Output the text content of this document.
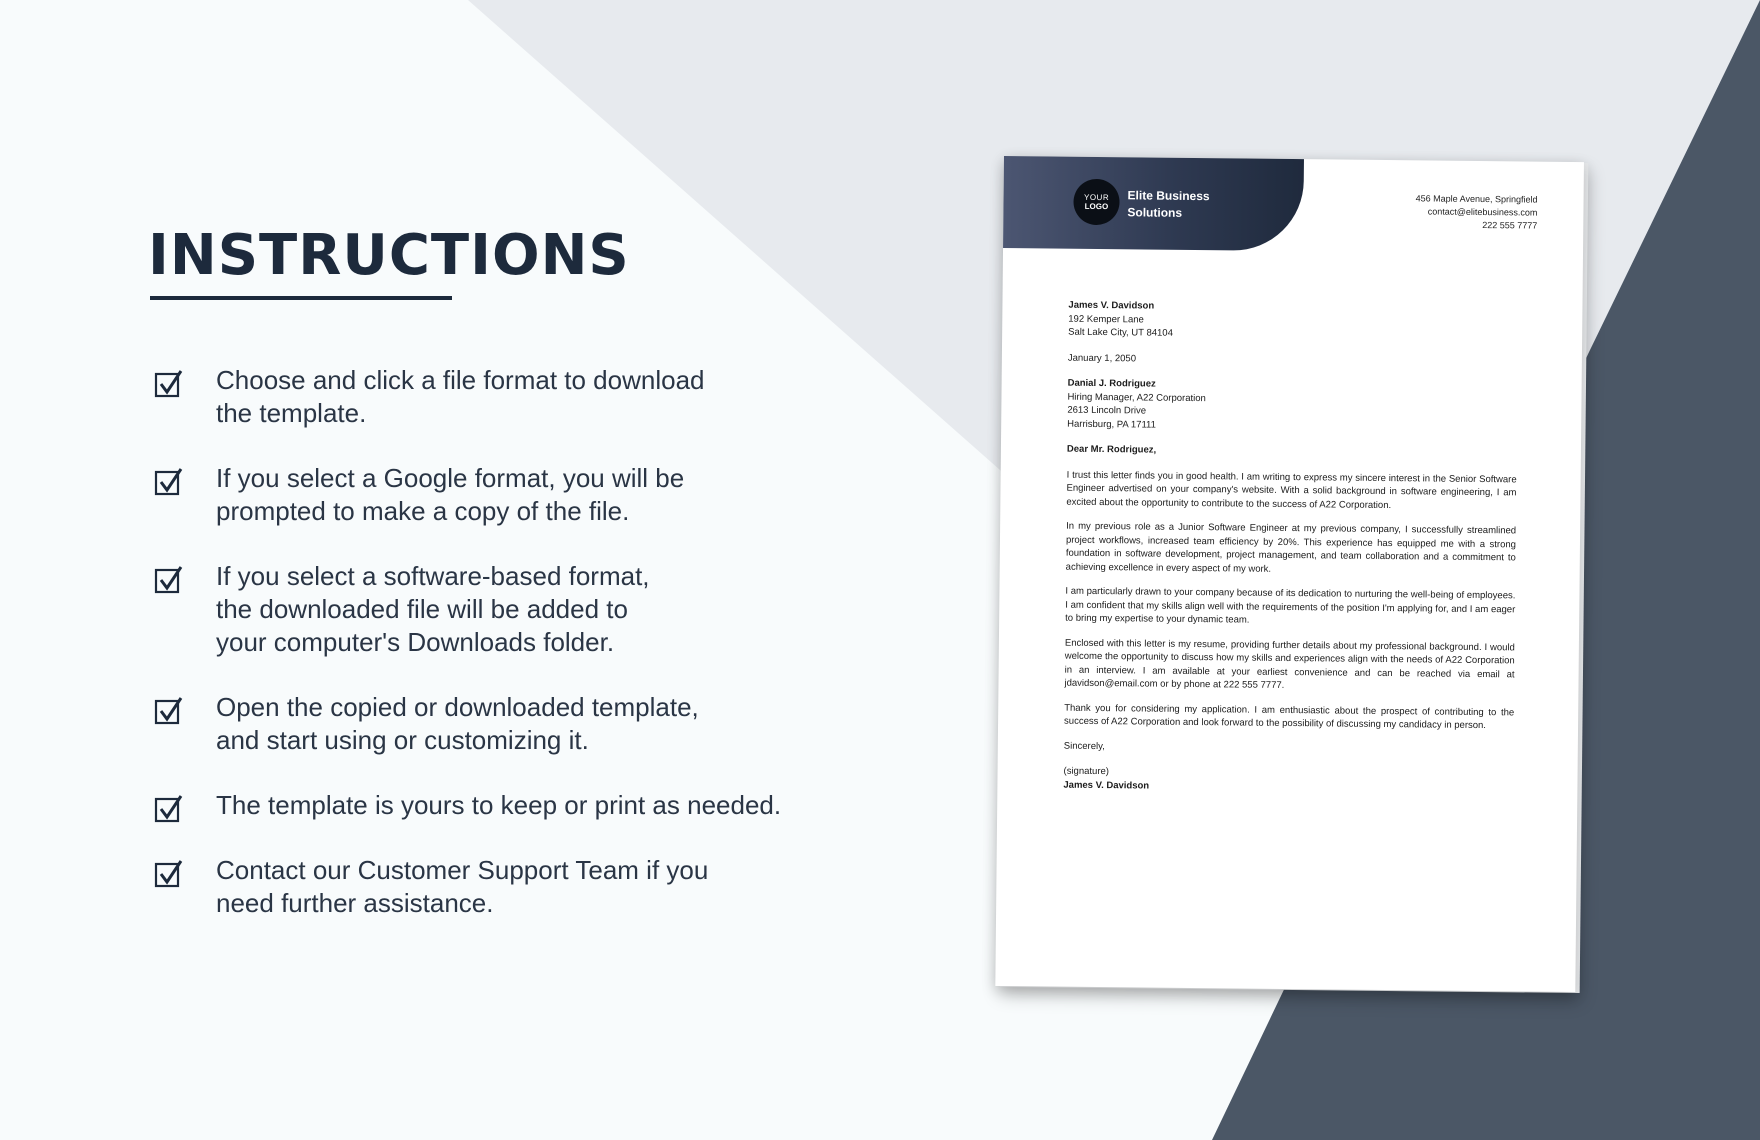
INSTRUCTIONS
Choose and click a file format to download
the template.
If you select a Google format, you will be
prompted to make a copy of the file.
If you select a software-based format,
the downloaded file will be added to
your computer's Downloads folder.
Open the copied or downloaded template,
and start using or customizing it.
The template is yours to keep or print as needed.
Contact our Customer Support Team if you
need further assistance.
YOUR
LOGO
Elite Business Solutions
456 Maple Avenue, Springfield
contact@elitebusiness.com
222 555 7777
James V. Davidson
192 Kemper Lane
Salt Lake City, UT 84104
January 1, 2050
Danial J. Rodriguez
Hiring Manager, A22 Corporation
2613 Lincoln Drive
Harrisburg, PA 17111
Dear Mr. Rodriguez,

I trust this letter finds you in good health. I am writing to express my sincere interest in the Senior Software Engineer advertised on your company's website. With a solid background in software engineering, I am excited about the opportunity to contribute to the success of A22 Corporation.

In my previous role as a Junior Software Engineer at my previous company, I successfully streamlined project workflows, increased team efficiency by 20%. This experience has equipped me with a strong foundation in software development, project management, and team collaboration and a commitment to achieving excellence in every aspect of my work.

I am particularly drawn to your company because of its dedication to nurturing the well-being of employees. I am confident that my skills align well with the requirements of the position I'm applying for, and I am eager to bring my expertise to your dynamic team.

Enclosed with this letter is my resume, providing further details about my professional background. I would welcome the opportunity to discuss how my skills and experiences align with the needs of A22 Corporation in an interview. I am available at your earliest convenience and can be reached via email at jdavidson@email.com or by phone at 222 555 7777.

Thank you for considering my application. I am enthusiastic about the prospect of contributing to the success of A22 Corporation and look forward to the possibility of discussing my candidacy in person.

Sincerely,
(signature)
James V. Davidson
